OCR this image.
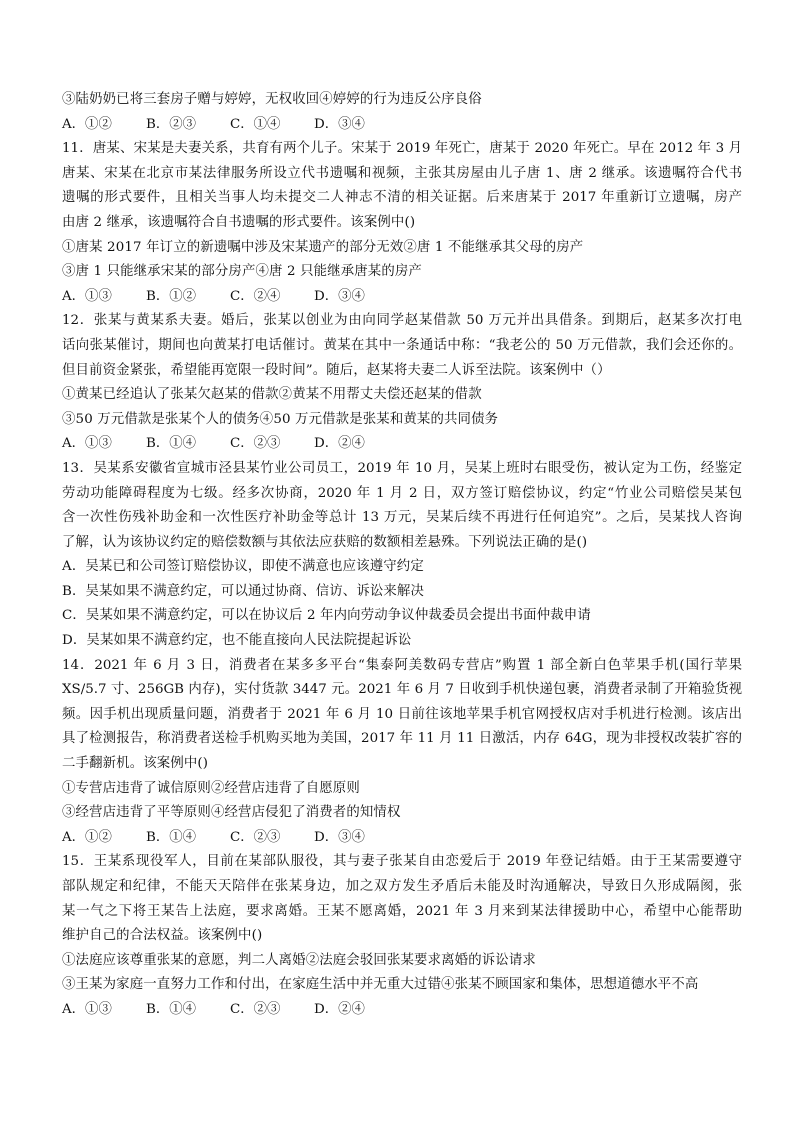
③陆奶奶已将三套房子赠与婷婷，无权收回④婷婷的行为违反公序良俗
A．①②	B．②③	C．①④	D．③④
11．唐某、宋某是夫妻关系，共育有两个儿子。宋某于 2019 年死亡，唐某于 2020 年死亡。早在 2012 年 3 月
唐某、宋某在北京市某法律服务所设立代书遗嘱和视频，主张其房屋由儿子唐 1、唐 2 继承。该遗嘱符合代书
遗嘱的形式要件，且相关当事人均未提交二人神志不清的相关证据。后来唐某于 2017 年重新订立遗嘱，房产
由唐 2 继承，该遗嘱符合自书遗嘱的形式要件。该案例中()
①唐某 2017 年订立的新遗嘱中涉及宋某遗产的部分无效②唐 1 不能继承其父母的房产
③唐 1 只能继承宋某的部分房产④唐 2 只能继承唐某的房产
A．①③	B．①②	C．②④	D．③④
12．张某与黄某系夫妻。婚后，张某以创业为由向同学赵某借款 50 万元并出具借条。到期后，赵某多次打电
话向张某催讨，期间也向黄某打电话催讨。黄某在其中一条通话中称：“我老公的 50 万元借款，我们会还你的。
但目前资金紧张，希望能再宽限一段时间”。随后，赵某将夫妻二人诉至法院。该案例中（）
①黄某已经追认了张某欠赵某的借款②黄某不用帮丈夫偿还赵某的借款
③50 万元借款是张某个人的债务④50 万元借款是张某和黄某的共同债务
A．①③	B．①④	C．②③	D．②④
13．吴某系安徽省宣城市泾县某竹业公司员工，2019 年 10 月，吴某上班时右眼受伤，被认定为工伤，经鉴定
劳动功能障碍程度为七级。经多次协商，2020 年 1 月 2 日，双方签订赔偿协议，约定“竹业公司赔偿吴某包
含一次性伤残补助金和一次性医疗补助金等总计 13 万元，吴某后续不再进行任何追究”。之后，吴某找人咨询
了解，认为该协议约定的赔偿数额与其依法应获赔的数额相差悬殊。下列说法正确的是()
A．吴某已和公司签订赔偿协议，即使不满意也应该遵守约定
B．吴某如果不满意约定，可以通过协商、信访、诉讼来解决
C．吴某如果不满意约定，可以在协议后 2 年内向劳动争议仲裁委员会提出书面仲裁申请
D．吴某如果不满意约定，也不能直接向人民法院提起诉讼
14．2021 年 6 月 3 日，消费者在某多多平台“集泰阿美数码专营店”购置 1 部全新白色苹果手机(国行苹果
XS/5.7 寸、256GB 内存)，实付货款 3447 元。2021 年 6 月 7 日收到手机快递包裹，消费者录制了开箱验货视
频。因手机出现质量问题，消费者于 2021 年 6 月 10 日前往该地苹果手机官网授权店对手机进行检测。该店出
具了检测报告，称消费者送检手机购买地为美国，2017 年 11 月 11 日激活，内存 64G，现为非授权改装扩容的
二手翻新机。该案例中()
①专营店违背了诚信原则②经营店违背了自愿原则
③经营店违背了平等原则④经营店侵犯了消费者的知情权
A．①②	B．①④	C．②③	D．③④
15．王某系现役军人，目前在某部队服役，其与妻子张某自由恋爱后于 2019 年登记结婚。由于王某需要遵守
部队规定和纪律，不能天天陪伴在张某身边，加之双方发生矛盾后未能及时沟通解决，导致日久形成隔阂，张
某一气之下将王某告上法庭，要求离婚。王某不愿离婚，2021 年 3 月来到某法律援助中心，希望中心能帮助
维护自己的合法权益。该案例中()
①法庭应该尊重张某的意愿，判二人离婚②法庭会驳回张某要求离婚的诉讼请求
③王某为家庭一直努力工作和付出，在家庭生活中并无重大过错④张某不顾国家和集体，思想道德水平不高
A．①③	B．①④	C．②③	D．②④
